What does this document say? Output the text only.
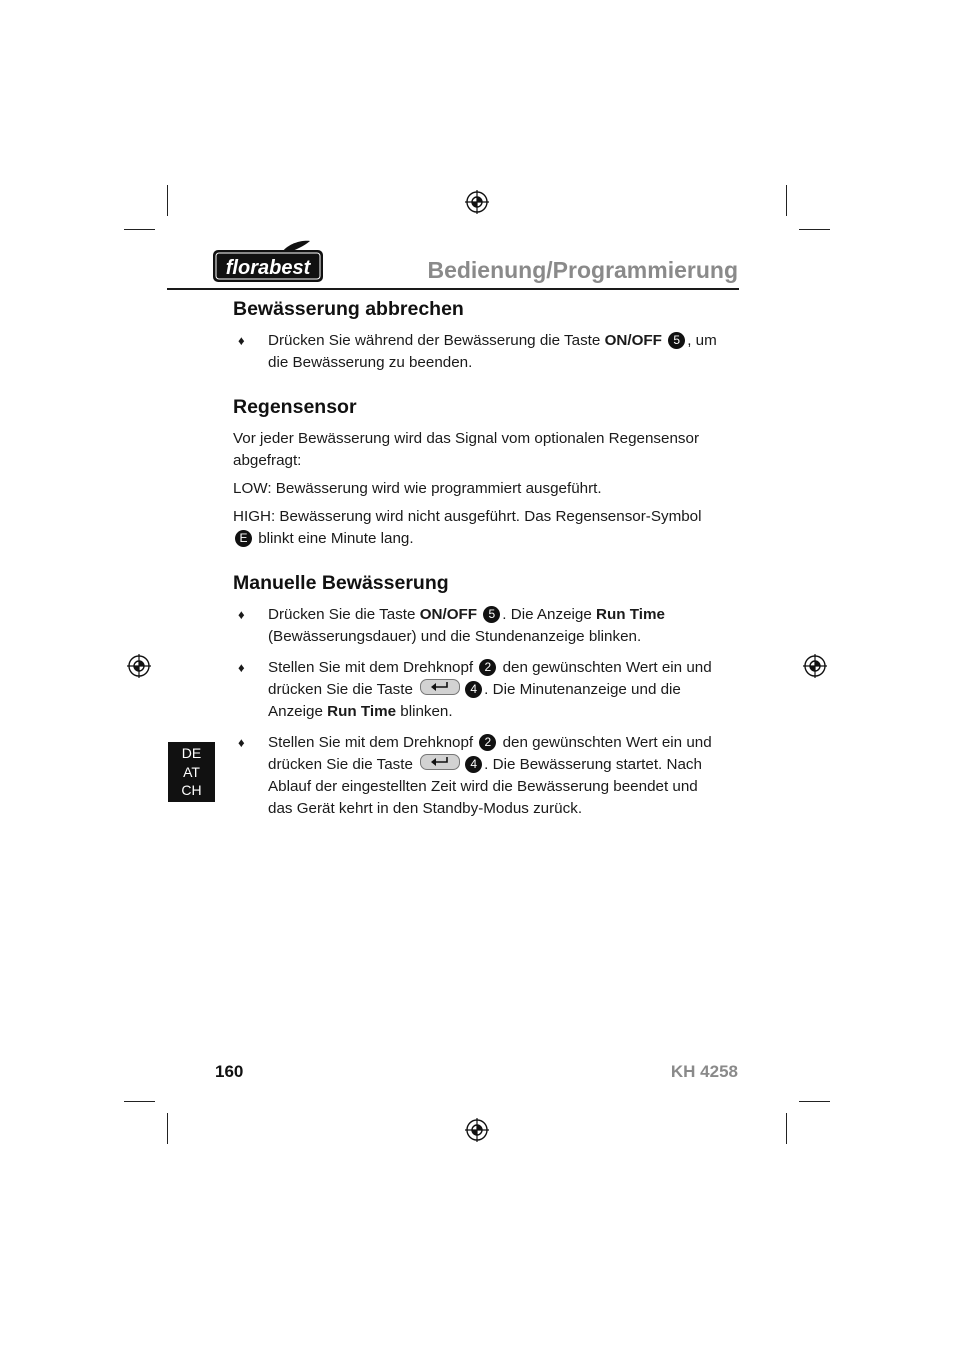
florabest	Bedienung/Programmierung
Bewässerung abbrechen
♦ Drücken Sie während der Bewässerung die Taste ON/OFF 5 , um die Bewässerung zu beenden.
Regensensor

Vor jeder Bewässerung wird das Signal vom optionalen Regensensor abgefragt:

LOW: Bewässerung wird wie programmiert ausgeführt.

HIGH: Bewässerung wird nicht ausgeführt. Das Regensensor-Symbol E blinkt eine Minute lang.

Manuelle Bewässerung
♦ Drücken Sie die Taste ON/OFF 5 . Die Anzeige Run Time (Bewässerungsdauer) und die Stundenanzeige blinken.
♦ Stellen Sie mit dem Drehknopf 2 den gewünschten Wert ein und drücken Sie die Taste	4 . Die Minutenanzeige und die Anzeige Run Time blinken.
♦ Stellen Sie mit dem Drehknopf 2 den gewünschten Wert ein und drücken Sie die Taste	4 . Die Bewässerung startet. Nach Ablauf der eingestellten Zeit wird die Bewässerung beendet und das Gerät kehrt in den Standby-Modus zurück.
DE
AT
CH
160	KH 4258
